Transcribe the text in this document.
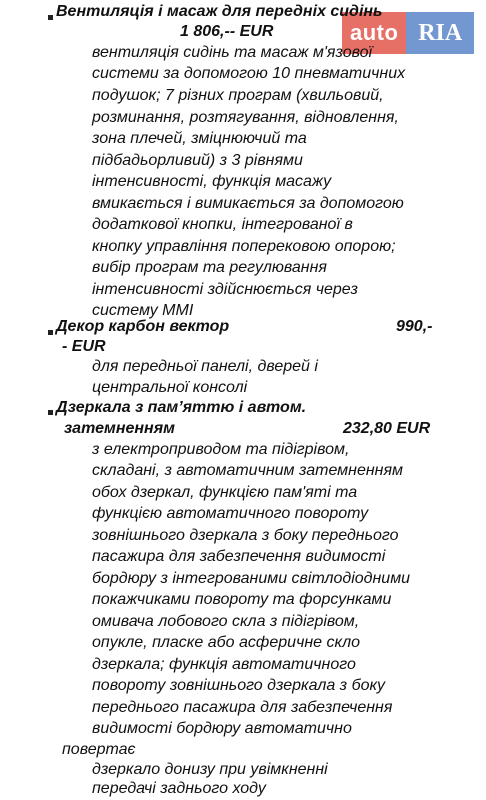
auto RIA
Вентиляція і масаж для передніх сидінь
1 806,-- EUR
вентиляція сидінь та масаж м'язової
системи за допомогою 10 пневматичних
подушок; 7 різних програм (хвильовий,
розминання, розтягування, відновлення,
зона плечей, зміцнюючий та
підбадьорливий) з 3 рівнями
інтенсивності, функція масажу
вмикається і вимикається за допомогою
додаткової кнопки, інтегрованої в
кнопку управління поперековою опорою;
вибір програм та регулювання
інтенсивності здійснюється через
систему MMI
Декор карбон вектор	990,-
- EUR
для передньої панелі, дверей і
центральної консолі
Дзеркала з пам’яттю і автом.
затемненням	232,80 EUR
з електроприводом та підігрівом,
складані, з автоматичним затемненням
обох дзеркал, функцією пам'яті та
функцією автоматичного повороту
зовнішнього дзеркала з боку переднього
пасажира для забезпечення видимості
бордюру з інтегрованими світлодіодними
покажчиками повороту та форсунками
омивача лобового скла з підігрівом,
опукле, пласке або асферичне скло
дзеркала; функція автоматичного
повороту зовнішнього дзеркала з боку
переднього пасажира для забезпечення
видимості бордюру автоматично
повертає
дзеркало донизу при увімкненні
передачі заднього ходу
